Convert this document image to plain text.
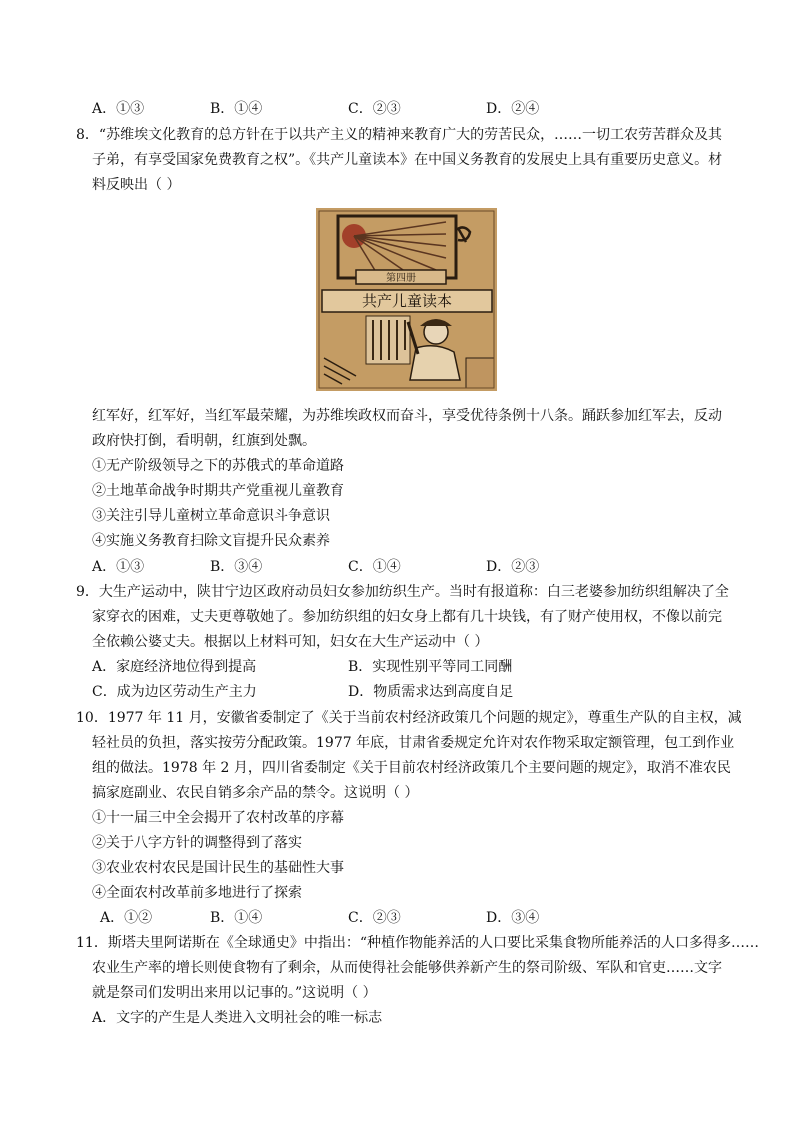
A．①③	B．①④	C．②③	D．②④
8．“苏维埃文化教育的总方针在于以共产主义的精神来教育广大的劳苦民众，……一切工农劳苦群众及其
子弟，有享受国家免费教育之权”。《共产儿童读本》在中国义务教育的发展史上具有重要历史意义。材
料反映出（ ）
第四册
共产儿童读本
红军好，红军好，当红军最荣耀，为苏维埃政权而奋斗，享受优待条例十八条。踊跃参加红军去，反动
政府快打倒，看明朝，红旗到处飘。
①无产阶级领导之下的苏俄式的革命道路
②土地革命战争时期共产党重视儿童教育
③关注引导儿童树立革命意识斗争意识
④实施义务教育扫除文盲提升民众素养
A．①③	B．③④	C．①④	D．②③
9．大生产运动中，陕甘宁边区政府动员妇女参加纺织生产。当时有报道称：白三老婆参加纺织组解决了全
家穿衣的困难，丈夫更尊敬她了。参加纺织组的妇女身上都有几十块钱，有了财产使用权，不像以前完
全依赖公婆丈夫。根据以上材料可知，妇女在大生产运动中（ ）
A．家庭经济地位得到提高	B．实现性别平等同工同酬
C．成为边区劳动生产主力	D．物质需求达到高度自足
10．1977 年 11 月，安徽省委制定了《关于当前农村经济政策几个问题的规定》，尊重生产队的自主权，减
轻社员的负担，落实按劳分配政策。1977 年底，甘肃省委规定允许对农作物采取定额管理，包工到作业
组的做法。1978 年 2 月，四川省委制定《关于目前农村经济政策几个主要问题的规定》，取消不准农民
搞家庭副业、农民自销多余产品的禁令。这说明（ ）
①十一届三中全会揭开了农村改革的序幕
②关于八字方针的调整得到了落实
③农业农村农民是国计民生的基础性大事
④全面农村改革前多地进行了探索
A．①②	B．①④	C．②③	D．③④
11．斯塔夫里阿诺斯在《全球通史》中指出：“种植作物能养活的人口要比采集食物所能养活的人口多得多……
农业生产率的增长则使食物有了剩余，从而使得社会能够供养新产生的祭司阶级、军队和官吏……文字
就是祭司们发明出来用以记事的。”这说明（ ）
A．文字的产生是人类进入文明社会的唯一标志
